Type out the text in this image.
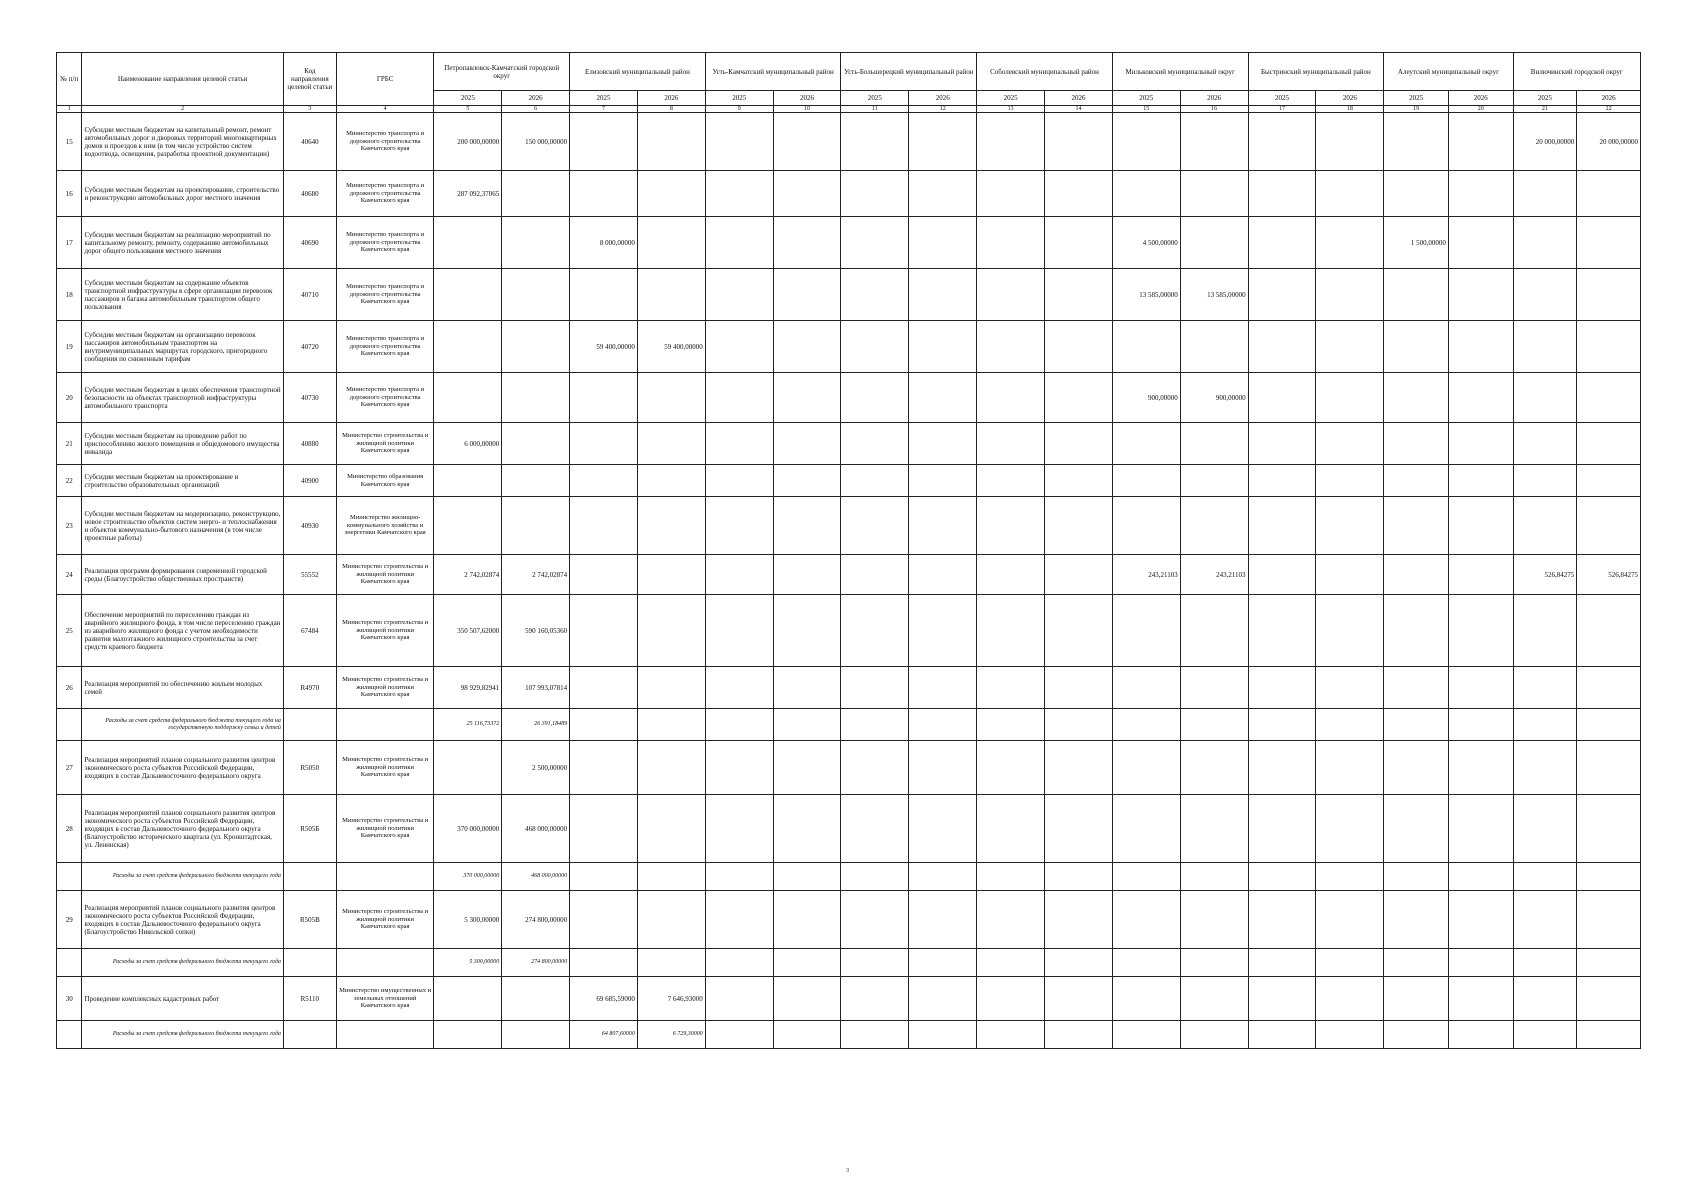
№ п/п	Наименование направления целевой статьи	Код направления целевой статьи	ГРБС	Петропавловск-Камчатский городской округ		Елизовский муниципальный район		Усть-Камчатский муниципальный район		Усть-Большерецкий муниципальный район		Соболевский муниципальный район		Мильковский муниципальный округ		Быстринский муниципальный район		Алеутский муниципальный округ		Вилючинский городской округ	
				2025	2026	2025	2026	2025	2026	2025	2026	2025	2026	2025	2026	2025	2026	2025	2026	2025	2026
1	2	3	4	5	6	7	8	9	10	11	12	13	14	15	16	17	18	19	20	21	22
15	Субсидии местным бюджетам на капитальный ремонт, ремонт автомобильных дорог и дворовых территорий многоквартирных домов и проездов к ним (в том числе устройство систем водоотвода, освещения, разработка проектной документации)	40640	Министерство транспорта и дорожного строительства Камчатского края	200 000,00000	150 000,00000															20 000,00000	20 000,00000
16	Субсидии местным бюджетам на проектирование, строительство и реконструкцию автомобильных дорог местного значения	40680	Министерство транспорта и дорожного строительства Камчатского края	287 092,37065																	
17	Субсидии местным бюджетам на реализацию мероприятий по капитальному ремонту, ремонту, содержанию автомобильных дорог общего пользования местного значения	40690	Министерство транспорта и дорожного строительства Камчатского края			8 000,00000								4 500,00000				1 500,00000			
18	Субсидии местным бюджетам на содержание объектов транспортной инфраструктуры в сфере организации перевозок пассажиров и багажа автомобильным транспортом общего пользования	40710	Министерство транспорта и дорожного строительства Камчатского края											13 585,00000	13 585,00000						
19	Субсидии местным бюджетам на организацию перевозок пассажиров автомобильным транспортом на внутримуниципальных маршрутах городского, пригородного сообщения по сниженным тарифам	40720	Министерство транспорта и дорожного строительства Камчатского края			59 400,00000	59 400,00000														
20	Субсидии местным бюджетам в целях обеспечения транспортной безопасности на объектах транспортной инфраструктуры автомобильного транспорта	40730	Министерство транспорта и дорожного строительства Камчатского края											900,00000	900,00000						
21	Субсидии местным бюджетам на проведение работ по приспособлению жилого помещения и общедомового имущества инвалида	40880	Министерство строительства и жилищной политики Камчатского края	6 000,00000																	
22	Субсидии местным бюджетам на проектирование и строительство образовательных организаций	40900	Министерство образования Камчатского края																		
23	Субсидии местным бюджетам на модернизацию, реконструкцию, новое строительство объектов систем энерго- и теплоснабжения и объектов коммунально-бытового назначения (в том числе проектные работы)	40930	Министерство жилищно-коммунального хозяйства и энергетики Камчатского края																		
24	Реализация программ формирования современной городской среды (Благоустройство общественных пространств)	55552	Министерство строительства и жилищной политики Камчатского края	2 742,02874	2 742,02874									243,21103	243,21103					526,84275	526,84275
25	Обеспечение мероприятий по переселению граждан из аварийного жилищного фонда, в том числе переселению граждан из аварийного жилищного фонда с учетом необходимости развития малоэтажного жилищного строительства за счет средств краевого бюджета	67484	Министерство строительства и жилищной политики Камчатского края	350 507,62000	590 160,05360																
26	Реализация мероприятий по обеспечению жильем молодых семей	R4970	Министерство строительства и жилищной политики Камчатского края	98 929,82941	107 993,07814																
	Расходы за счет средств федерального бюджета текущего года на государственную поддержку семьи и детей			25 116,73372	26 391,18489																
27	Реализация мероприятий планов социального развития центров экономического роста субъектов Российской Федерации, входящих в состав Дальневосточного федерального округа	R5050	Министерство строительства и жилищной политики Камчатского края		2 500,00000																
28	Реализация мероприятий планов социального развития центров экономического роста субъектов Российской Федерации, входящих в состав Дальневосточного федерального округа (Благоустройство исторического квартала (ул. Кронштадтская, ул. Ленинская)	R505Б	Министерство строительства и жилищной политики Камчатского края	370 000,00000	468 000,00000																
	Расходы за счет средств федерального бюджета текущего года			370 000,00000	468 000,00000																
29	Реализация мероприятий планов социального развития центров экономического роста субъектов Российской Федерации, входящих в состав Дальневосточного федерального округа (Благоустройство Никольской сопки)	R505В	Министерство строительства и жилищной политики Камчатского края	5 300,00000	274 800,00000																
	Расходы за счет средств федерального бюджета текущего года			5 300,00000	274 800,00000																
30	Проведение комплексных кадастровых работ	R5110	Министерство имущественных и земельных отношений Камчатского края			69 685,59000	7 646,93000														
	Расходы за счет средств федерального бюджета текущего года					64 807,60000	6 729,30000														
3
